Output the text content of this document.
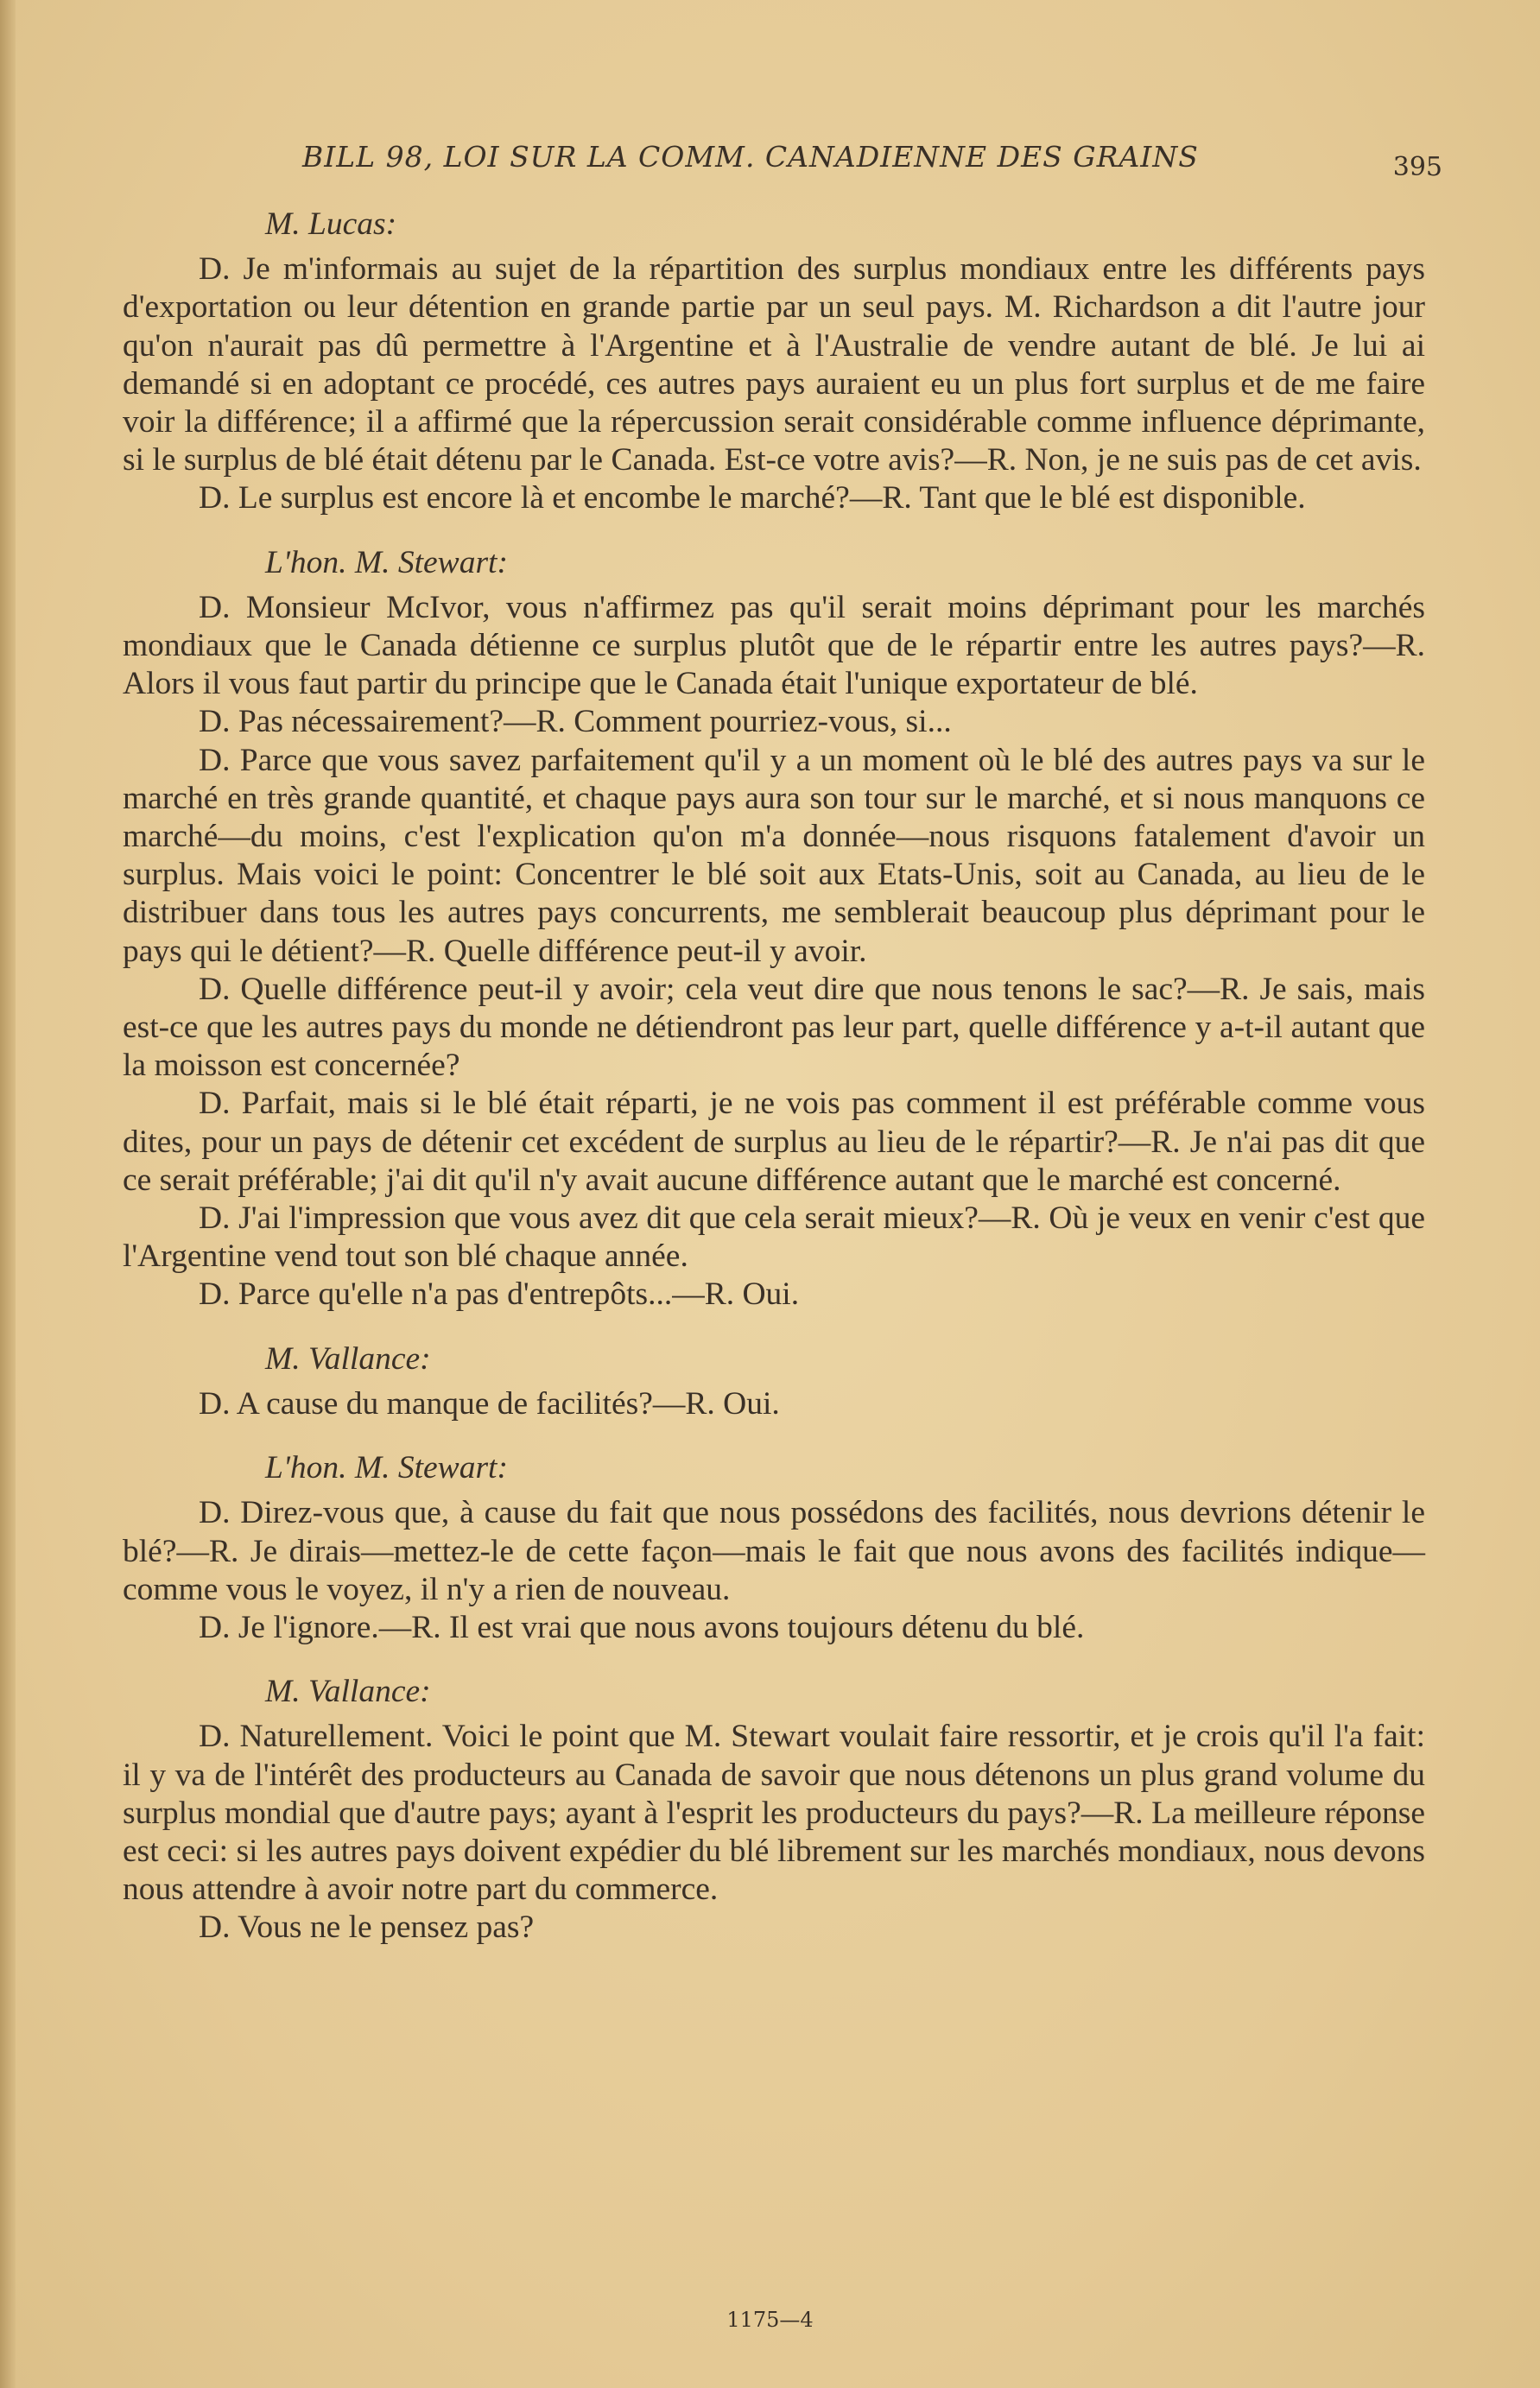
BILL 98, LOI SUR LA COMM. CANADIENNE DES GRAINS	395

M. Lucas:

D. Je m'informais au sujet de la répartition des surplus mondiaux entre les différents pays d'exportation ou leur détention en grande partie par un seul pays. M. Richardson a dit l'autre jour qu'on n'aurait pas dû permettre à l'Argentine et à l'Australie de vendre autant de blé. Je lui ai demandé si en adoptant ce procédé, ces autres pays auraient eu un plus fort surplus et de me faire voir la différence; il a affirmé que la répercussion serait considérable comme influence déprimante, si le surplus de blé était détenu par le Canada. Est-ce votre avis?—R. Non, je ne suis pas de cet avis.

D. Le surplus est encore là et encombe le marché?—R. Tant que le blé est disponible.

L'hon. M. Stewart:

D. Monsieur McIvor, vous n'affirmez pas qu'il serait moins déprimant pour les marchés mondiaux que le Canada détienne ce surplus plutôt que de le répartir entre les autres pays?—R. Alors il vous faut partir du principe que le Canada était l'unique exportateur de blé.

D. Pas nécessairement?—R. Comment pourriez-vous, si...

D. Parce que vous savez parfaitement qu'il y a un moment où le blé des autres pays va sur le marché en très grande quantité, et chaque pays aura son tour sur le marché, et si nous manquons ce marché—du moins, c'est l'explication qu'on m'a donnée—nous risquons fatalement d'avoir un surplus. Mais voici le point: Concentrer le blé soit aux Etats-Unis, soit au Canada, au lieu de le distribuer dans tous les autres pays concurrents, me semblerait beaucoup plus déprimant pour le pays qui le détient?—R. Quelle différence peut-il y avoir.

D. Quelle différence peut-il y avoir; cela veut dire que nous tenons le sac?—R. Je sais, mais est-ce que les autres pays du monde ne détiendront pas leur part, quelle différence y a-t-il autant que la moisson est concernée?

D. Parfait, mais si le blé était réparti, je ne vois pas comment il est préférable comme vous dites, pour un pays de détenir cet excédent de surplus au lieu de le répartir?—R. Je n'ai pas dit que ce serait préférable; j'ai dit qu'il n'y avait aucune différence autant que le marché est concerné.

D. J'ai l'impression que vous avez dit que cela serait mieux?—R. Où je veux en venir c'est que l'Argentine vend tout son blé chaque année.

D. Parce qu'elle n'a pas d'entrepôts...—R. Oui.

M. Vallance:

D. A cause du manque de facilités?—R. Oui.

L'hon. M. Stewart:

D. Direz-vous que, à cause du fait que nous possédons des facilités, nous devrions détenir le blé?—R. Je dirais—mettez-le de cette façon—mais le fait que nous avons des facilités indique—comme vous le voyez, il n'y a rien de nouveau.

D. Je l'ignore.—R. Il est vrai que nous avons toujours détenu du blé.

M. Vallance:

D. Naturellement. Voici le point que M. Stewart voulait faire ressortir, et je crois qu'il l'a fait: il y va de l'intérêt des producteurs au Canada de savoir que nous détenons un plus grand volume du surplus mondial que d'autre pays; ayant à l'esprit les producteurs du pays?—R. La meilleure réponse est ceci: si les autres pays doivent expédier du blé librement sur les marchés mondiaux, nous devons nous attendre à avoir notre part du commerce.

D. Vous ne le pensez pas?

1175—4
